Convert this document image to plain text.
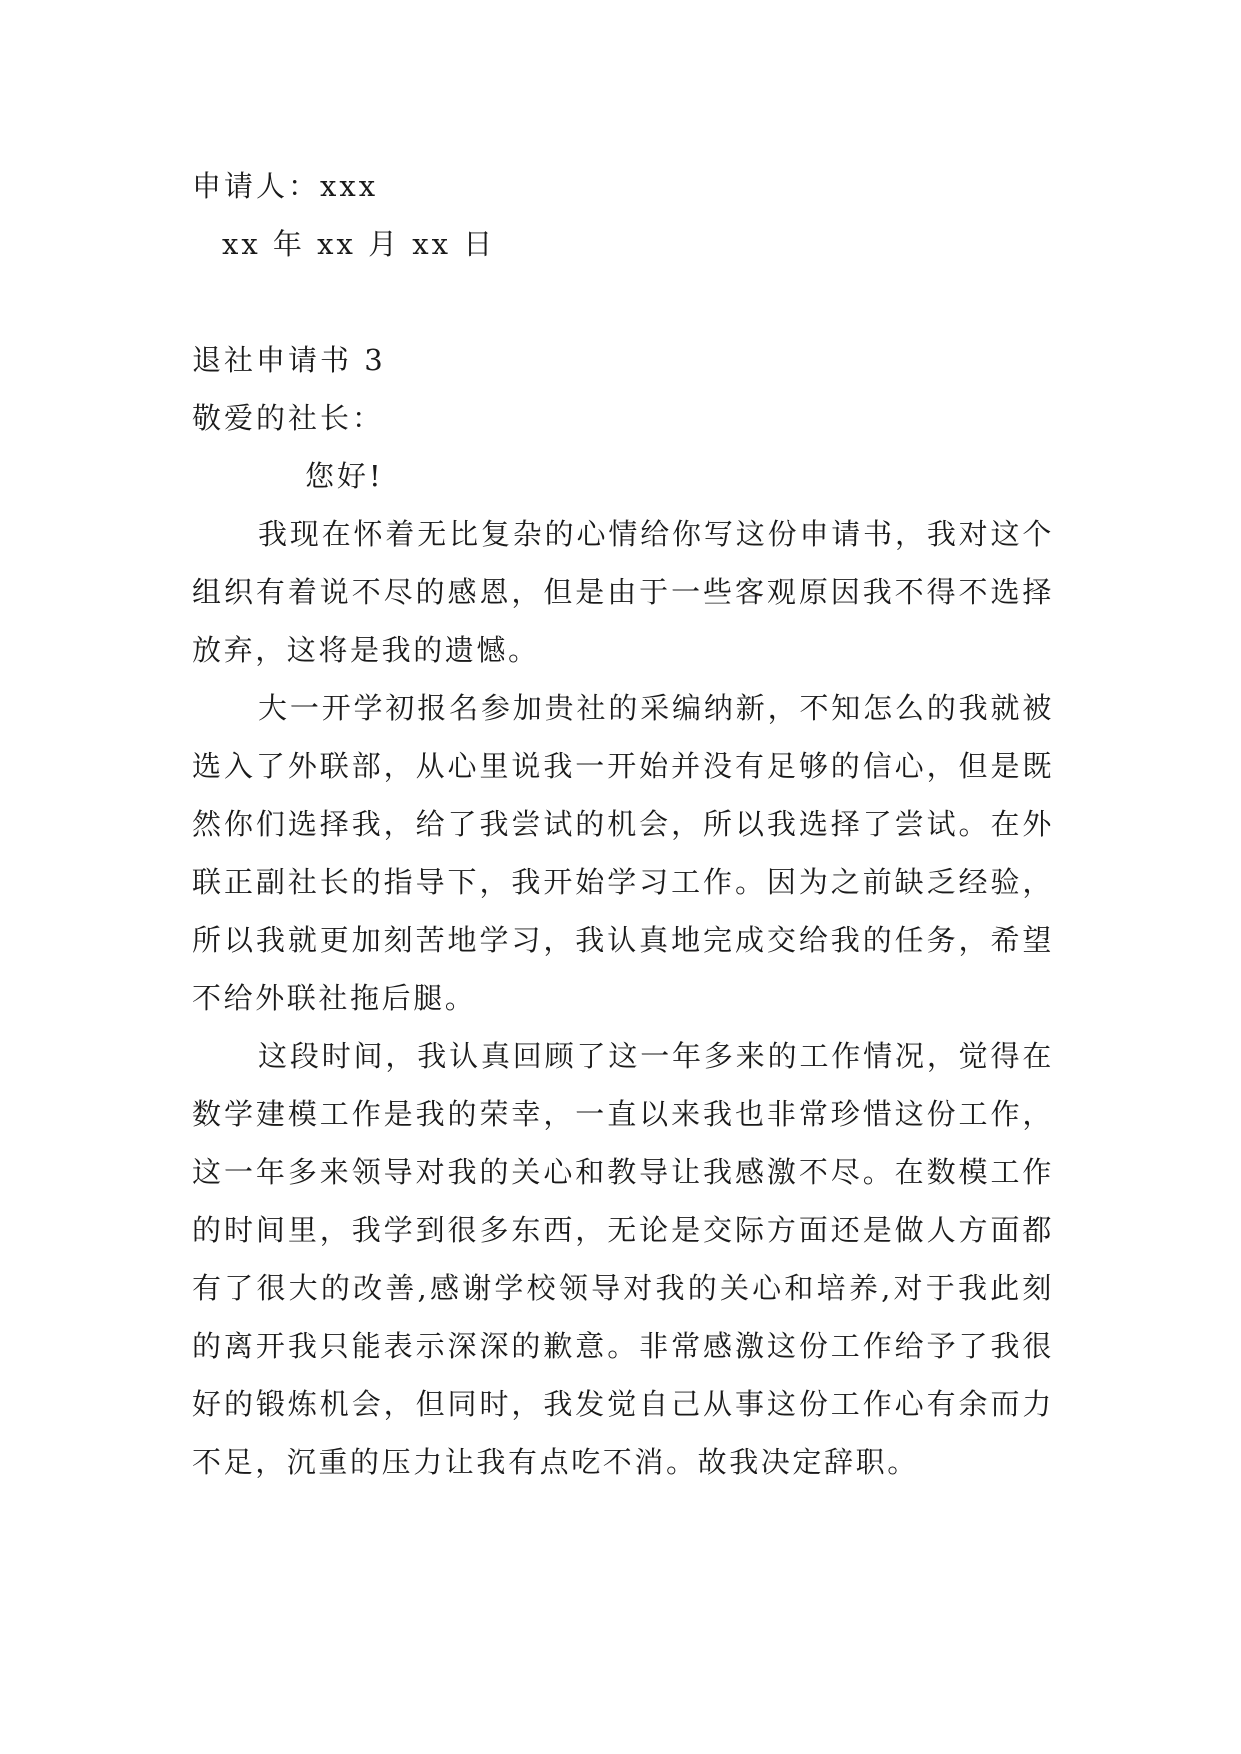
申请人：xxx
xx 年 xx 月 xx 日
退社申请书 3
敬爱的社长：
您好!
我现在怀着无比复杂的心情给你写这份申请书，我对这个组织有着说不尽的感恩，但是由于一些客观原因我不得不选择放弃，这将是我的遗憾。
大一开学初报名参加贵社的采编纳新，不知怎么的我就被选入了外联部，从心里说我一开始并没有足够的信心，但是既然你们选择我，给了我尝试的机会，所以我选择了尝试。在外联正副社长的指导下，我开始学习工作。因为之前缺乏经验，所以我就更加刻苦地学习，我认真地完成交给我的任务，希望不给外联社拖后腿。
这段时间，我认真回顾了这一年多来的工作情况，觉得在数学建模工作是我的荣幸，一直以来我也非常珍惜这份工作，这一年多来领导对我的关心和教导让我感激不尽。在数模工作的时间里，我学到很多东西，无论是交际方面还是做人方面都有了很大的改善,感谢学校领导对我的关心和培养,对于我此刻的离开我只能表示深深的歉意。非常感激这份工作给予了我很好的锻炼机会，但同时，我发觉自己从事这份工作心有余而力不足，沉重的压力让我有点吃不消。故我决定辞职。
